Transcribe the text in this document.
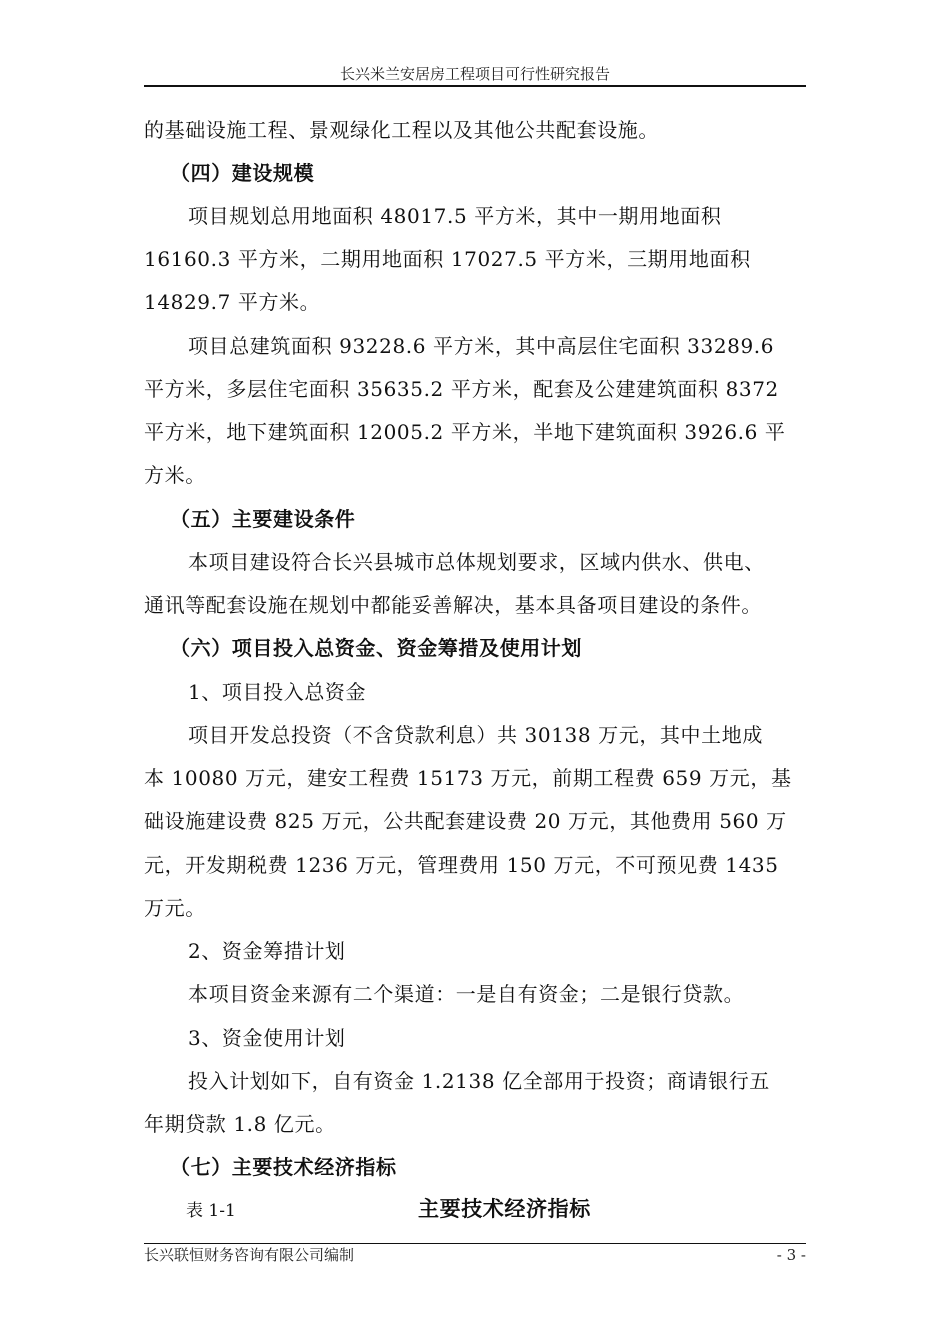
长兴米兰安居房工程项目可行性研究报告
的基础设施工程、景观绿化工程以及其他公共配套设施。
（四）建设规模
项目规划总用地面积 48017.5 平方米，其中一期用地面积
16160.3 平方米，二期用地面积 17027.5 平方米，三期用地面积
14829.7 平方米。
项目总建筑面积 93228.6 平方米，其中高层住宅面积 33289.6
平方米，多层住宅面积 35635.2 平方米，配套及公建建筑面积 8372
平方米，地下建筑面积 12005.2 平方米，半地下建筑面积 3926.6 平
方米。
（五）主要建设条件
本项目建设符合长兴县城市总体规划要求，区域内供水、供电、
通讯等配套设施在规划中都能妥善解决，基本具备项目建设的条件。
（六）项目投入总资金、资金筹措及使用计划
1、项目投入总资金
项目开发总投资（不含贷款利息）共 30138 万元，其中土地成
本 10080 万元，建安工程费 15173 万元，前期工程费 659 万元，基
础设施建设费 825 万元，公共配套建设费 20 万元，其他费用 560 万
元，开发期税费 1236 万元，管理费用 150 万元，不可预见费 1435
万元。
2、资金筹措计划
本项目资金来源有二个渠道：一是自有资金；二是银行贷款。
3、资金使用计划
投入计划如下，自有资金 1.2138 亿全部用于投资；商请银行五
年期贷款 1.8 亿元。
（七）主要技术经济指标
表 1-1	主要技术经济指标
长兴联恒财务咨询有限公司编制	- 3 -
